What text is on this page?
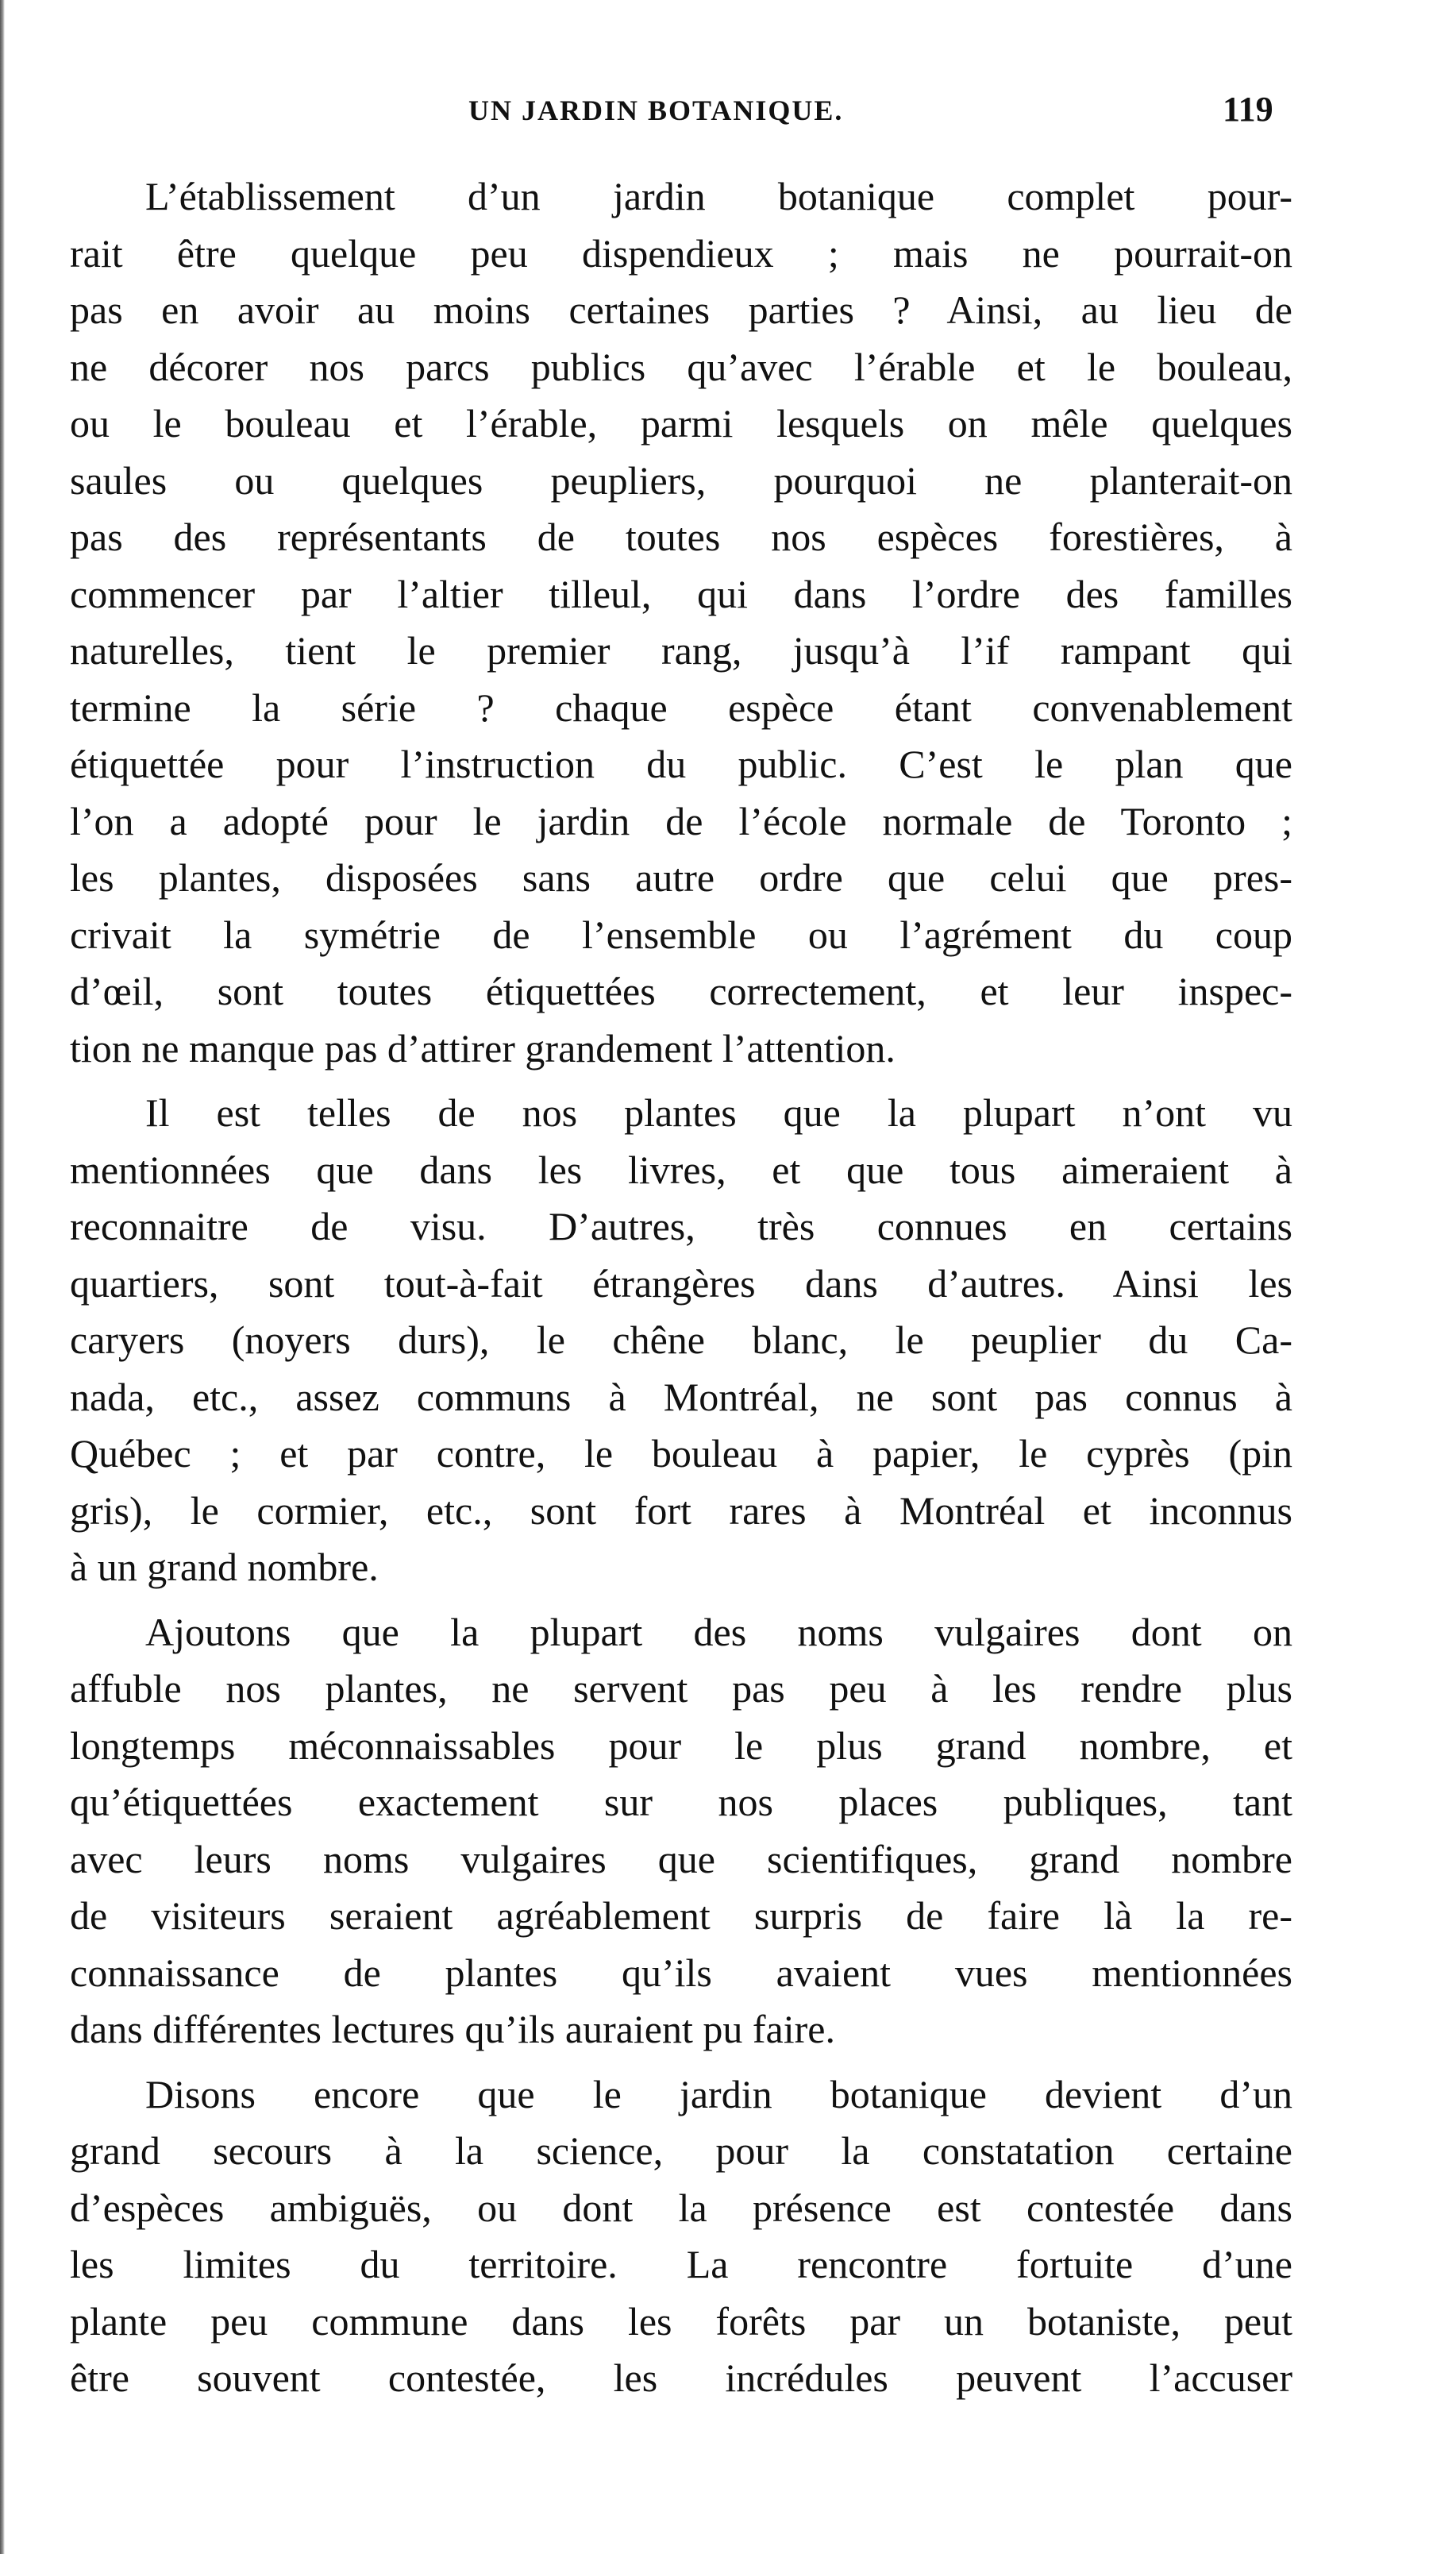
UN JARDIN BOTANIQUE.	119
L’établissement d’un jardin botanique complet pour-
rait être quelque peu dispendieux ; mais ne pourrait-on
pas en avoir au moins certaines parties ? Ainsi, au lieu de
ne décorer nos parcs publics qu’avec l’érable et le bouleau,
ou le bouleau et l’érable, parmi lesquels on mêle quelques
saules ou quelques peupliers, pourquoi ne planterait-on
pas des représentants de toutes nos espèces forestières, à
commencer par l’altier tilleul, qui dans l’ordre des familles
naturelles, tient le premier rang, jusqu’à l’if rampant qui
termine la série ? chaque espèce étant convenablement
étiquettée pour l’instruction du public. C’est le plan que
l’on a adopté pour le jardin de l’école normale de Toronto ;
les plantes, disposées sans autre ordre que celui que pres-
crivait la symétrie de l’ensemble ou l’agrément du coup
d’œil, sont toutes étiquettées correctement, et leur inspec-
tion ne manque pas d’attirer grandement l’attention.
Il est telles de nos plantes que la plupart n’ont vu
mentionnées que dans les livres, et que tous aimeraient à
reconnaitre de visu. D’autres, très connues en certains
quartiers, sont tout-à-fait étrangères dans d’autres. Ainsi les
caryers (noyers durs), le chêne blanc, le peuplier du Ca-
nada, etc., assez communs à Montréal, ne sont pas connus à
Québec ; et par contre, le bouleau à papier, le cyprès (pin
gris), le cormier, etc., sont fort rares à Montréal et inconnus
à un grand nombre.
Ajoutons que la plupart des noms vulgaires dont on
affuble nos plantes, ne servent pas peu à les rendre plus
longtemps méconnaissables pour le plus grand nombre, et
qu’étiquettées exactement sur nos places publiques, tant
avec leurs noms vulgaires que scientifiques, grand nombre
de visiteurs seraient agréablement surpris de faire là la re-
connaissance de plantes qu’ils avaient vues mentionnées
dans différentes lectures qu’ils auraient pu faire.
Disons encore que le jardin botanique devient d’un
grand secours à la science, pour la constatation certaine
d’espèces ambiguës, ou dont la présence est contestée dans
les limites du territoire. La rencontre fortuite d’une
plante peu commune dans les forêts par un botaniste, peut
être souvent contestée, les incrédules peuvent l’accuser
